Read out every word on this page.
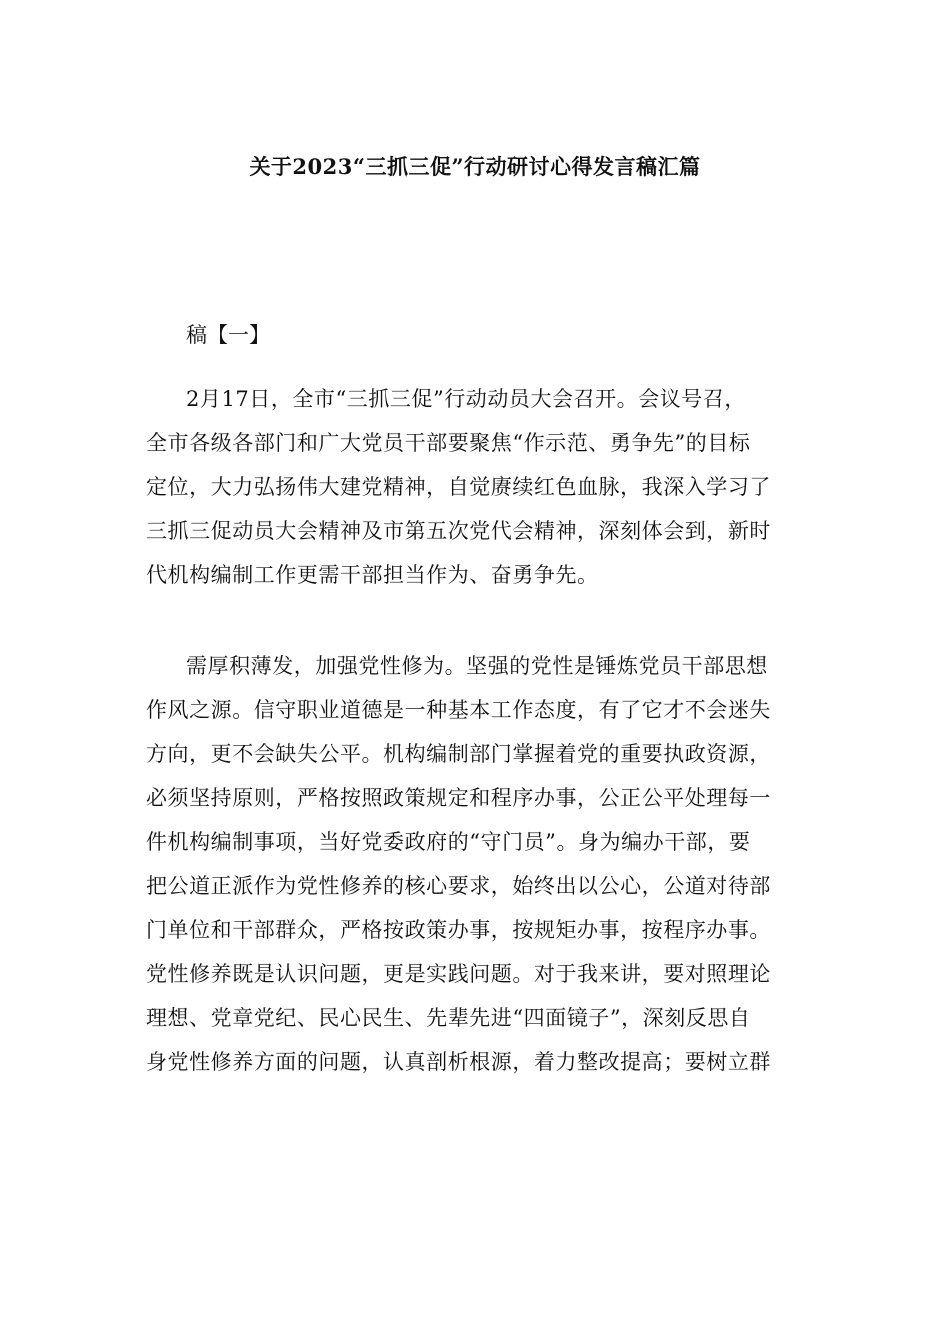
关于2023“三抓三促”行动研讨心得发言稿汇篇
稿【一】
2月17日，全市“三抓三促”行动动员大会召开。会议号召，
全市各级各部门和广大党员干部要聚焦“作示范、勇争先”的目标
定位，大力弘扬伟大建党精神，自觉赓续红色血脉，我深入学习了
三抓三促动员大会精神及市第五次党代会精神，深刻体会到，新时
代机构编制工作更需干部担当作为、奋勇争先。
需厚积薄发，加强党性修为。坚强的党性是锤炼党员干部思想
作风之源。信守职业道德是一种基本工作态度，有了它才不会迷失
方向，更不会缺失公平。机构编制部门掌握着党的重要执政资源，
必须坚持原则，严格按照政策规定和程序办事，公正公平处理每一
件机构编制事项，当好党委政府的“守门员”。身为编办干部，要
把公道正派作为党性修养的核心要求，始终出以公心，公道对待部
门单位和干部群众，严格按政策办事，按规矩办事，按程序办事。
党性修养既是认识问题，更是实践问题。对于我来讲，要对照理论
理想、党章党纪、民心民生、先辈先进“四面镜子”，深刻反思自
身党性修养方面的问题，认真剖析根源，着力整改提高；要树立群
